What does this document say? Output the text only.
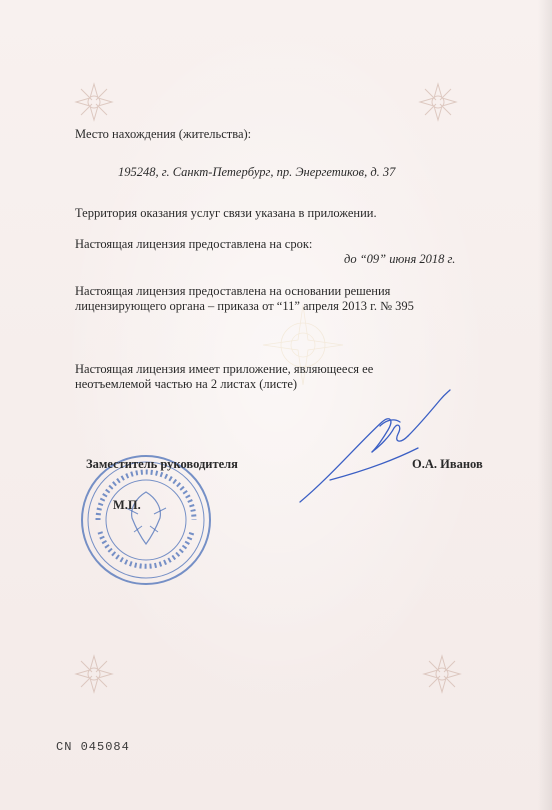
Место нахождения (жительства):
195248, г. Санкт-Петербург, пр. Энергетиков, д. 37
Территория оказания услуг связи указана в приложении.
Настоящая лицензия предоставлена на срок:
до “09” июня 2018 г.
Настоящая лицензия предоставлена на основании решения
лицензирующего органа – приказа от “11” апреля 2013 г. № 395
Настоящая лицензия имеет приложение, являющееся ее
неотъемлемой частью на 2 листах (листе)
Заместитель руководителя
М.П.
О.А. Иванов
CN 045084
